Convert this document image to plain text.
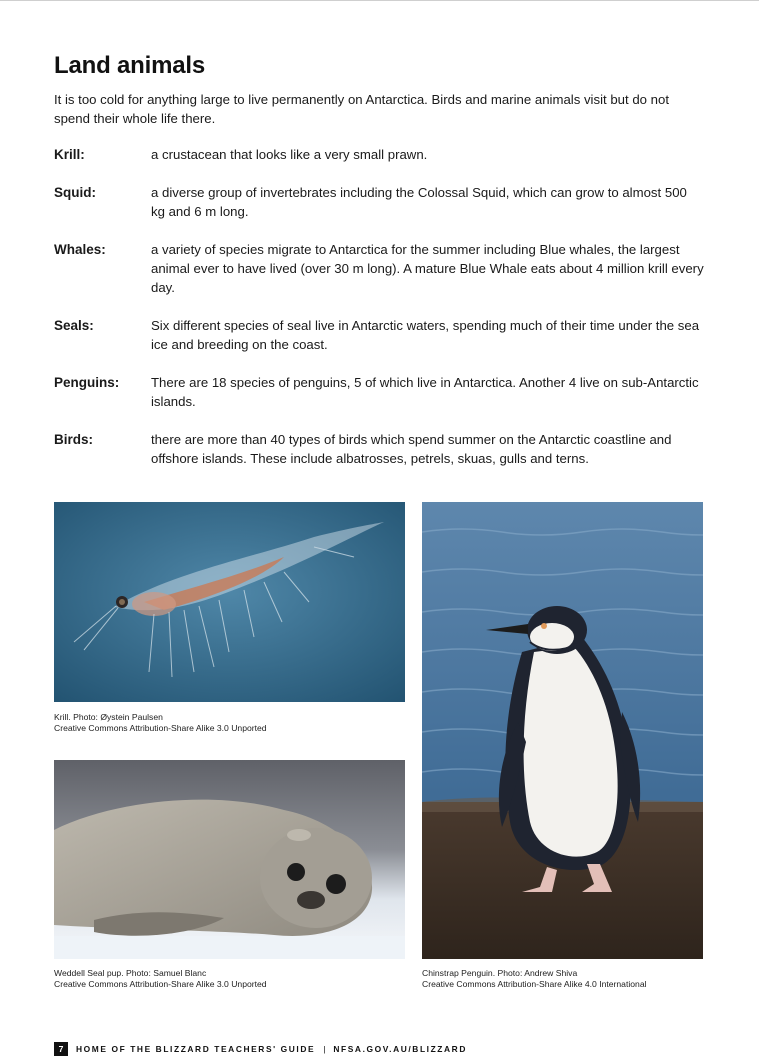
Land animals

It is too cold for anything large to live permanently on Antarctica. Birds and marine animals visit but do not spend their whole life there.

Krill:	a crustacean that looks like a very small prawn.
Squid:	a diverse group of invertebrates including the Colossal Squid, which can grow to almost 500 kg and 6 m long.
Whales:	a variety of species migrate to Antarctica for the summer including Blue whales, the largest animal ever to have lived (over 30 m long). A mature Blue Whale eats about 4 million krill every day.
Seals:	Six different species of seal live in Antarctic waters, spending much of their time under the sea ice and breeding on the coast.
Penguins: There are 18 species of penguins, 5 of which live in Antarctica. Another 4 live on sub-Antarctic islands.
Birds:	there are more than 40 types of birds which spend summer on the Antarctic coastline and offshore islands. These include albatrosses, petrels, skuas, gulls and terns.

Krill. Photo: Øystein Paulsen
Creative Commons Attribution-Share Alike 3.0 Unported

Weddell Seal pup. Photo: Samuel Blanc
Creative Commons Attribution-Share Alike 3.0 Unported

Chinstrap Penguin. Photo: Andrew Shiva
Creative Commons Attribution-Share Alike 4.0 International

7	HOME OF THE BLIZZARD TEACHERS' GUIDE | NFSA.GOV.AU/BLIZZARD
